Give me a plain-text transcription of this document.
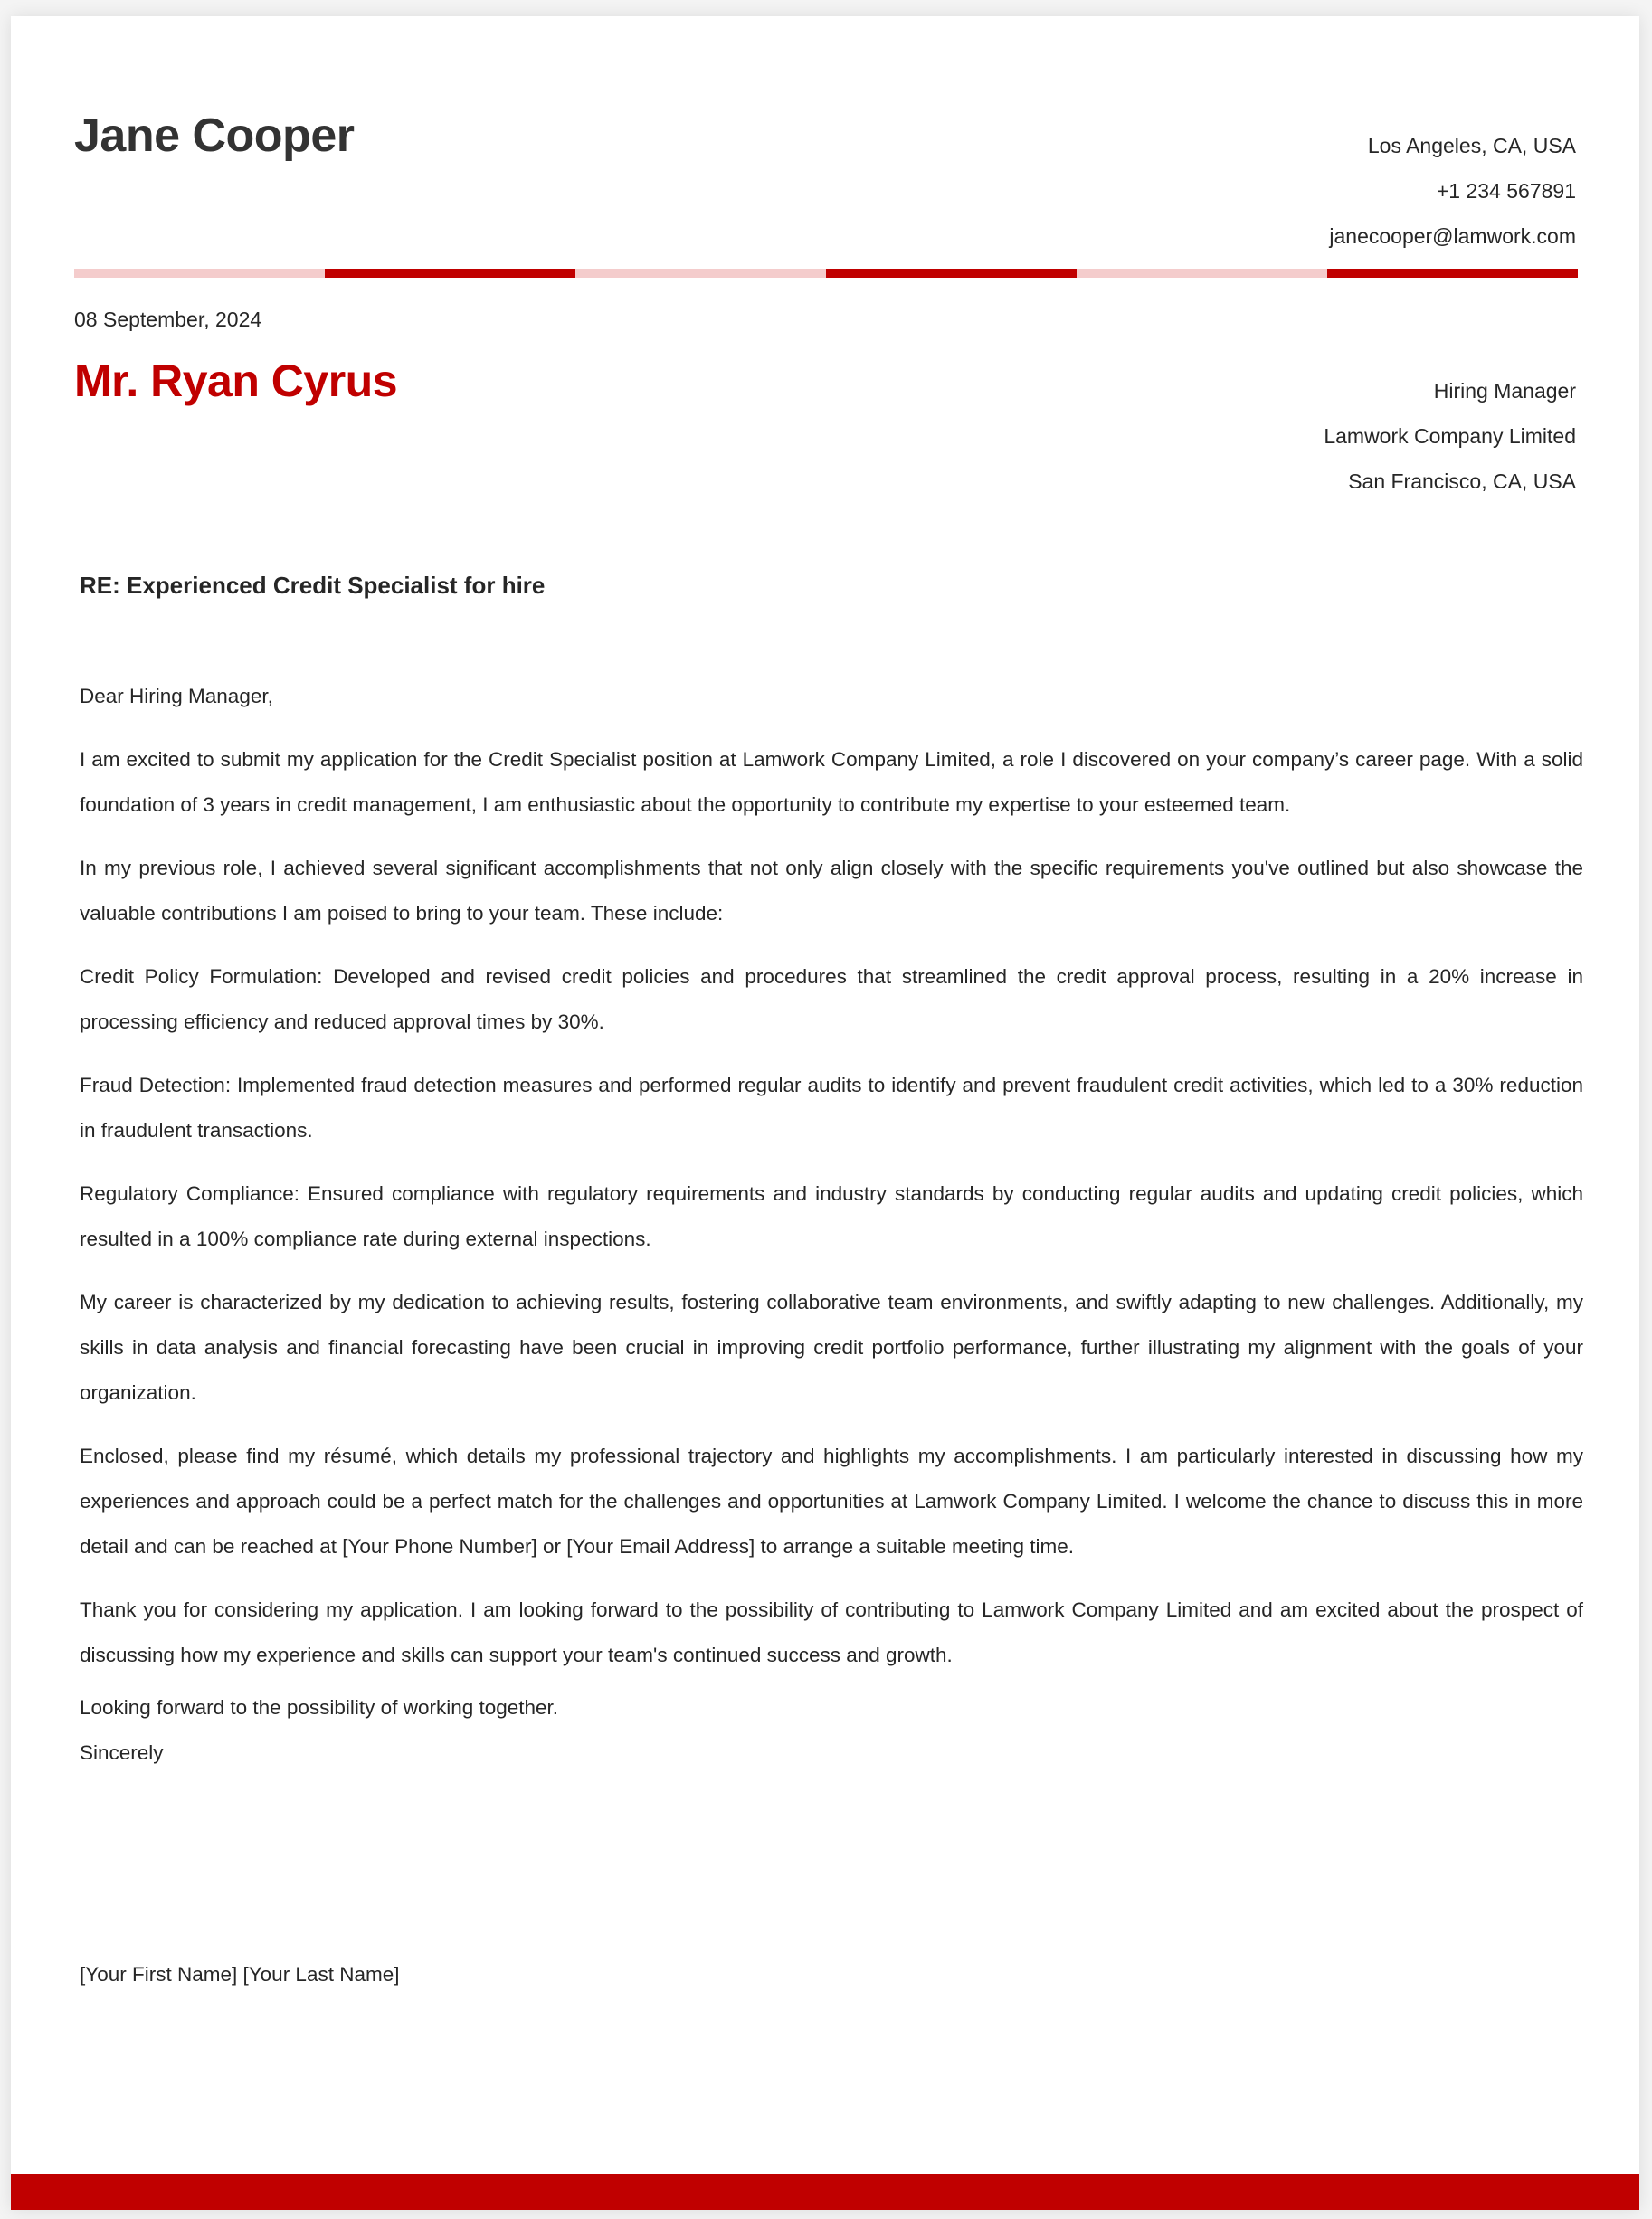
Jane Cooper	Los Angeles, CA, USA
+1 234 567891
janecooper@lamwork.com
08 September, 2024
Mr. Ryan Cyrus	Hiring Manager
Lamwork Company Limited
San Francisco, CA, USA
RE: Experienced Credit Specialist for hire
Dear Hiring Manager,

I am excited to submit my application for the Credit Specialist position at Lamwork Company Limited, a role I discovered on your company’s career page. With a solid foundation of 3 years in credit management, I am enthusiastic about the opportunity to contribute my expertise to your esteemed team.

In my previous role, I achieved several significant accomplishments that not only align closely with the specific requirements you've outlined but also showcase the valuable contributions I am poised to bring to your team. These include:

Credit Policy Formulation: Developed and revised credit policies and procedures that streamlined the credit approval process, resulting in a 20% increase in processing efficiency and reduced approval times by 30%.

Fraud Detection: Implemented fraud detection measures and performed regular audits to identify and prevent fraudulent credit activities, which led to a 30% reduction in fraudulent transactions.

Regulatory Compliance: Ensured compliance with regulatory requirements and industry standards by conducting regular audits and updating credit policies, which resulted in a 100% compliance rate during external inspections.

My career is characterized by my dedication to achieving results, fostering collaborative team environments, and swiftly adapting to new challenges. Additionally, my skills in data analysis and financial forecasting have been crucial in improving credit portfolio performance, further illustrating my alignment with the goals of your organization.

Enclosed, please find my résumé, which details my professional trajectory and highlights my accomplishments. I am particularly interested in discussing how my experiences and approach could be a perfect match for the challenges and opportunities at Lamwork Company Limited. I welcome the chance to discuss this in more detail and can be reached at [Your Phone Number] or [Your Email Address] to arrange a suitable meeting time.

Thank you for considering my application. I am looking forward to the possibility of contributing to Lamwork Company Limited and am excited about the prospect of discussing how my experience and skills can support your team's continued success and growth.

Looking forward to the possibility of working together.
Sincerely
[Your First Name] [Your Last Name]
